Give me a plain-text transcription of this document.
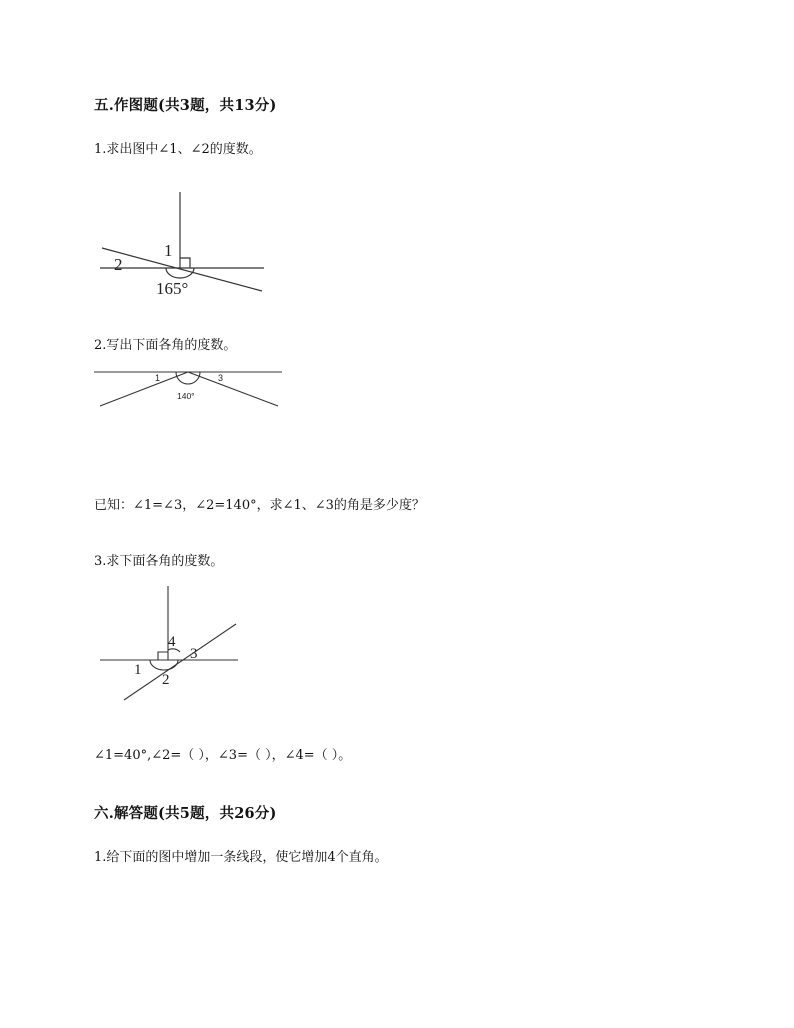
五.作图题(共3题，共13分)
1.求出图中∠1、∠2的度数。
1
2
165°
2.写出下面各角的度数。
1	3
140°
已知：∠1=∠3，∠2=140°，求∠1、∠3的角是多少度？
3.求下面各角的度数。
4
3
1
2
∠1=40°,∠2=（ ），∠3=（ ），∠4=（ ）。
六.解答题(共5题，共26分)
1.给下面的图中增加一条线段，使它增加4个直角。
